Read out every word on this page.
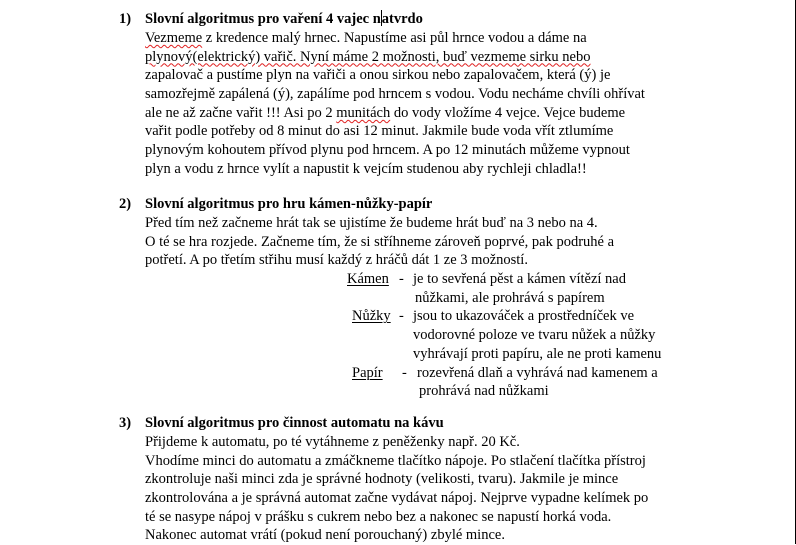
1) Slovní algoritmus pro vaření 4 vajec natvrdo
Vezmeme z kredence malý hrnec. Napustíme asi půl hrnce vodou a dáme na
plynový(elektrický) vařič. Nyní máme 2 možnosti, buď vezmeme sirku nebo
zapalovač a pustíme plyn na vařiči a onou sirkou nebo zapalovačem, která (ý) je
samozřejmě zapálená (ý), zapálíme pod hrncem s vodou. Vodu necháme chvíli ohřívat
ale ne až začne vařit !!! Asi po 2 munitách do vody vložíme 4 vejce. Vejce budeme
vařit podle potřeby od 8 minut do asi 12 minut. Jakmile bude voda vřít ztlumíme
plynovým kohoutem přívod plynu pod hrncem. A po 12 minutách můžeme vypnout
plyn a vodu z hrnce vylít a napustit k vejcím studenou aby rychleji chladla!!
2) Slovní algoritmus pro hru kámen-nůžky-papír
Před tím než začneme hrát tak se ujistíme že budeme hrát buď na 3 nebo na 4.
O té se hra rozjede. Začneme tím, že si stříhneme zároveň poprvé, pak podruhé a
potřetí. A po třetím střihu musí každý z hráčů dát 1 ze 3 možností.
Kámen - je to sevřená pěst a kámen vítězí nad
nůžkami, ale prohrává s papírem
Nůžky - jsou to ukazováček a prostředníček ve
vodorovné poloze ve tvaru nůžek a nůžky
vyhrávají proti papíru, ale ne proti kamenu
Papír - rozevřená dlaň a vyhrává nad kamenem a
prohrává nad nůžkami
3) Slovní algoritmus pro činnost automatu na kávu
Přijdeme k automatu, po té vytáhneme z peněženky např. 20 Kč.
Vhodíme minci do automatu a zmáčkneme tlačítko nápoje. Po stlačení tlačítka přístroj
zkontroluje naši minci zda je správné hodnoty (velikosti, tvaru). Jakmile je mince
zkontrolována a je správná automat začne vydávat nápoj. Nejprve vypadne kelímek po
té se nasype nápoj v prášku s cukrem nebo bez a nakonec se napustí horká voda.
Nakonec automat vrátí (pokud není porouchaný) zbylé mince.
